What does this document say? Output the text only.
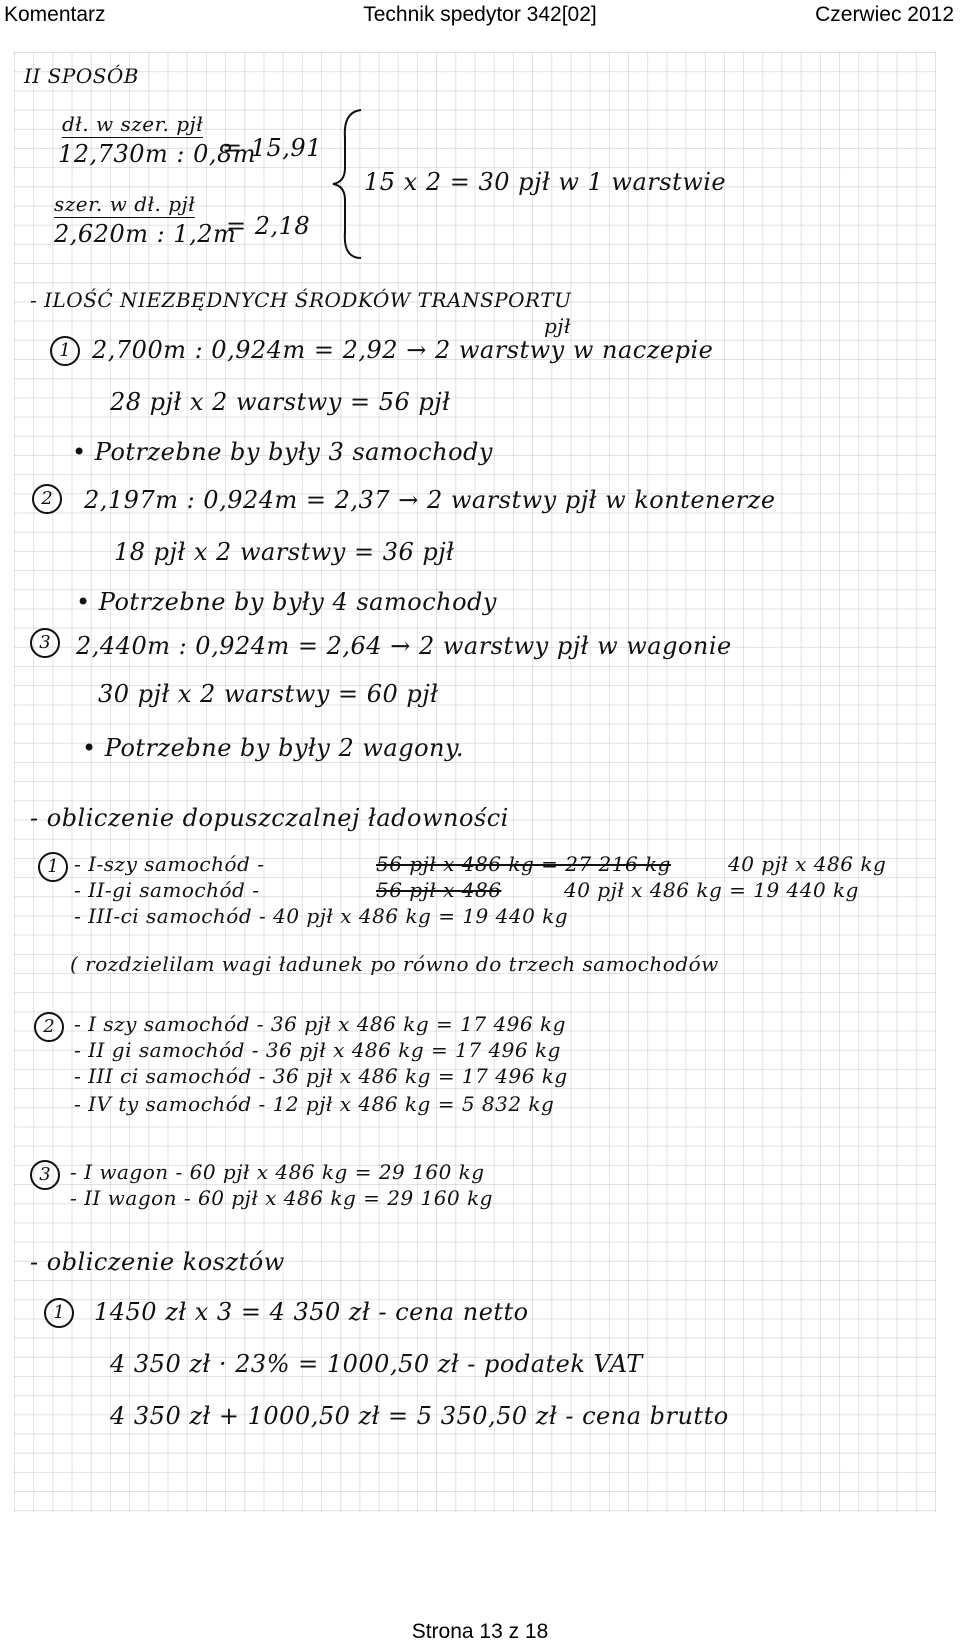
Komentarz	Technik spedytor 342[02]	Czerwiec 2012
II SPOSÓB
dł. w szer. pjł
12,730m : 0,8m
= 15,91
szer. w dł. pjł
2,620m : 1,2m
= 2,18
15 x 2 = 30 pjł w 1 warstwie
- ILOŚĆ NIEZBĘDNYCH ŚRODKÓW TRANSPORTU
pjł
1 2,700m : 0,924m = 2,92 → 2 warstwy w naczepie
28 pjł x 2 warstwy = 56 pjł
• Potrzebne by były 3 samochody
2	2,197m : 0,924m = 2,37 → 2 warstwy pjł w kontenerze
18 pjł x 2 warstwy = 36 pjł
• Potrzebne by były 4 samochody
3	2,440m : 0,924m = 2,64 → 2 warstwy pjł w wagonie
30 pjł x 2 warstwy = 60 pjł
• Potrzebne by były 2 wagony.
- obliczenie dopuszczalnej ładowności
1 - I-szy samochód -	56 pjł x 486 kg = 27 216 kg	40 pjł x 486 kg
- II-gi samochód -	56 pjł x 486	40 pjł x 486 kg = 19 440 kg
- III-ci samochód - 40 pjł x 486 kg = 19 440 kg
( rozdzielilam wagi ładunek po równo do trzech samochodów
2 - I szy samochód - 36 pjł x 486 kg = 17 496 kg
- II gi samochód - 36 pjł x 486 kg = 17 496 kg
- III ci samochód - 36 pjł x 486 kg = 17 496 kg
- IV ty samochód - 12 pjł x 486 kg = 5 832 kg
3 - I wagon - 60 pjł x 486 kg = 29 160 kg
- II wagon - 60 pjł x 486 kg = 29 160 kg
- obliczenie kosztów
1	1450 zł x 3 = 4 350 zł - cena netto
4 350 zł · 23% = 1000,50 zł - podatek VAT
4 350 zł + 1000,50 zł = 5 350,50 zł - cena brutto
Strona 13 z 18
